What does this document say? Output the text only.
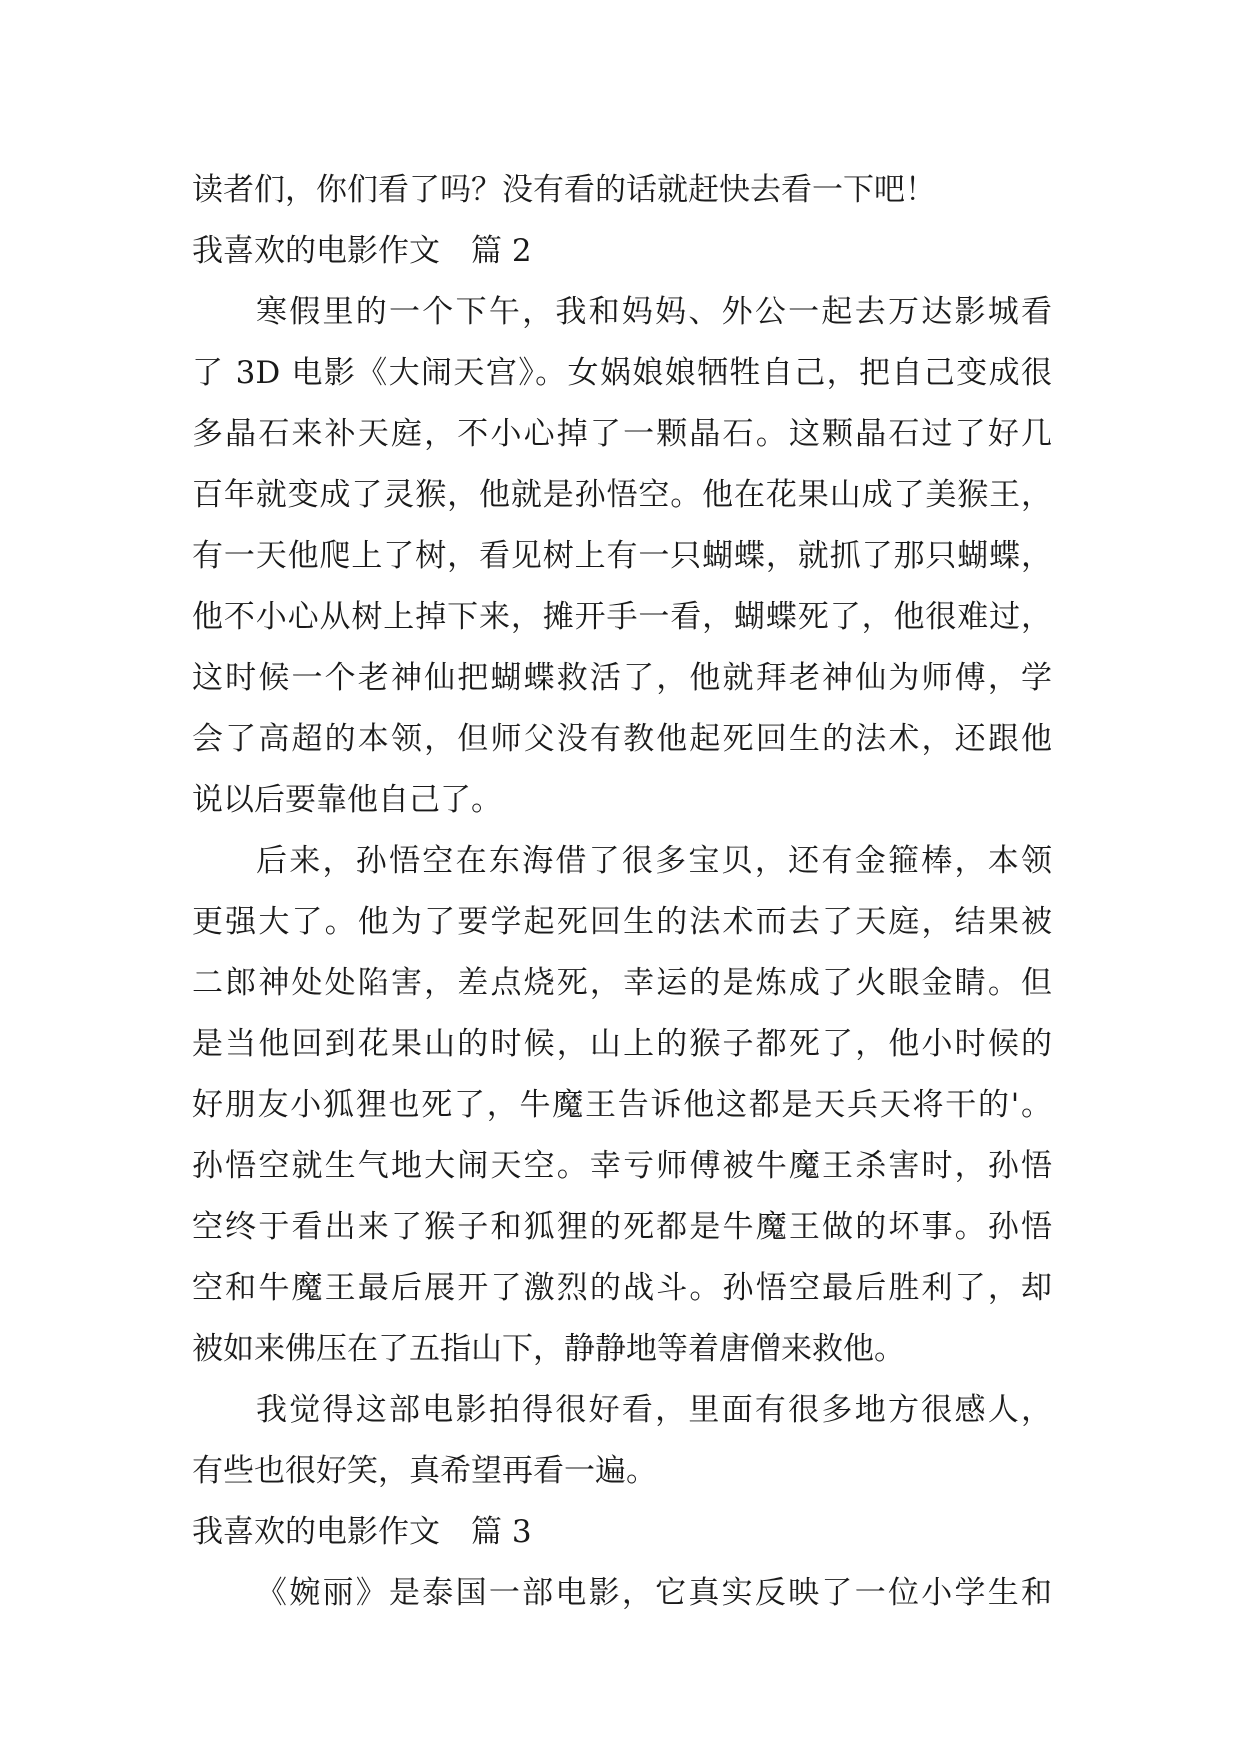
读者们，你们看了吗？没有看的话就赶快去看一下吧！
我喜欢的电影作文　篇 2
寒假里的一个下午，我和妈妈、外公一起去万达影城看
了 3D 电影《大闹天宫》。女娲娘娘牺牲自己，把自己变成很
多晶石来补天庭，不小心掉了一颗晶石。这颗晶石过了好几
百年就变成了灵猴，他就是孙悟空。他在花果山成了美猴王，
有一天他爬上了树，看见树上有一只蝴蝶，就抓了那只蝴蝶，
他不小心从树上掉下来，摊开手一看，蝴蝶死了，他很难过，
这时候一个老神仙把蝴蝶救活了，他就拜老神仙为师傅，学
会了高超的本领，但师父没有教他起死回生的法术，还跟他
说以后要靠他自己了。
后来，孙悟空在东海借了很多宝贝，还有金箍棒，本领
更强大了。他为了要学起死回生的法术而去了天庭，结果被
二郎神处处陷害，差点烧死，幸运的是炼成了火眼金睛。但
是当他回到花果山的时候，山上的猴子都死了，他小时候的
好朋友小狐狸也死了，牛魔王告诉他这都是天兵天将干的'。
孙悟空就生气地大闹天空。幸亏师傅被牛魔王杀害时，孙悟
空终于看出来了猴子和狐狸的死都是牛魔王做的坏事。孙悟
空和牛魔王最后展开了激烈的战斗。孙悟空最后胜利了，却
被如来佛压在了五指山下，静静地等着唐僧来救他。
我觉得这部电影拍得很好看，里面有很多地方很感人，
有些也很好笑，真希望再看一遍。
我喜欢的电影作文　篇 3
《婉丽》是泰国一部电影，它真实反映了一位小学生和
